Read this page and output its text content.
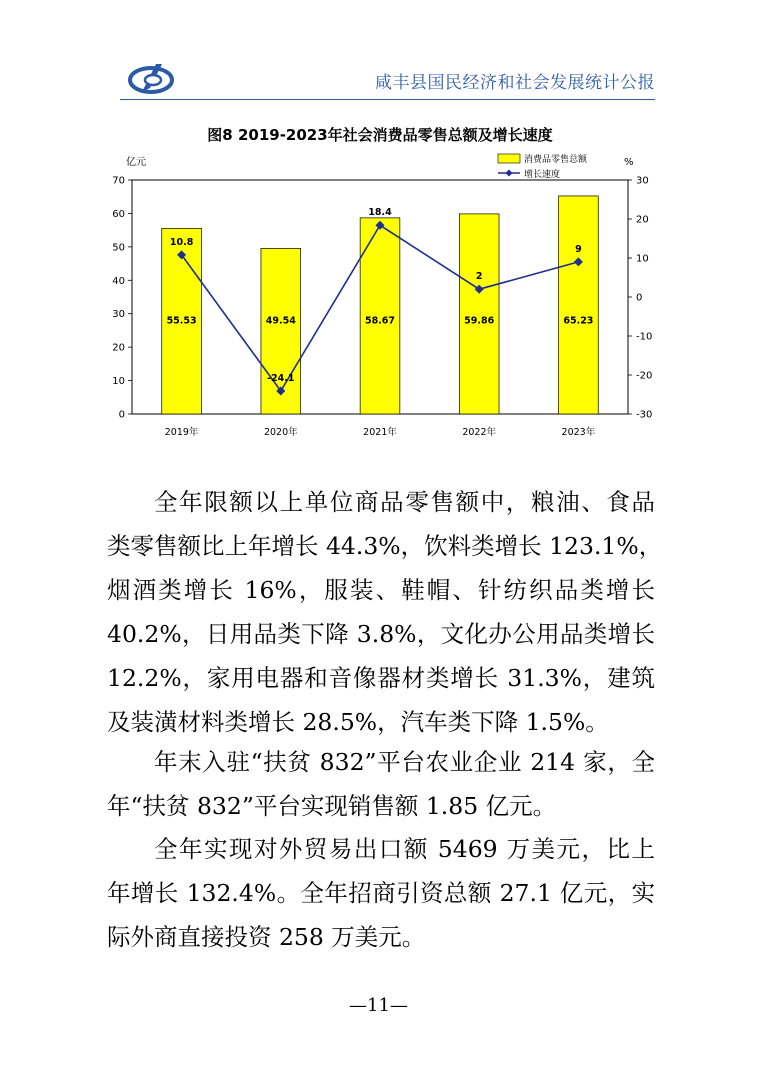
咸丰县国民经济和社会发展统计公报
图8 2019-2023年社会消费品零售总额及增长速度
亿元	%
0
10
20
30
40
50
60
70
-30
-20
-10
0
10
20
30
55.53	49.54	58.67	59.86	65.23
2019年	2020年	2021年	2022年	2023年
10.8
-24.1
18.4
2
9
消费品零售总额
增长速度
全年限额以上单位商品零售额中，粮油、食品
类零售额比上年增长 44.3%，饮料类增长 123.1%，
烟酒类增长 16%，服装、鞋帽、针纺织品类增长
40.2%，日用品类下降 3.8%，文化办公用品类增长
12.2%，家用电器和音像器材类增长 31.3%，建筑
及装潢材料类增长 28.5%，汽车类下降 1.5%。
年末入驻“扶贫 832”平台农业企业 214 家，全
年“扶贫 832”平台实现销售额 1.85 亿元。
全年实现对外贸易出口额 5469 万美元，比上
年增长 132.4%。全年招商引资总额 27.1 亿元，实
际外商直接投资 258 万美元。
—11—
